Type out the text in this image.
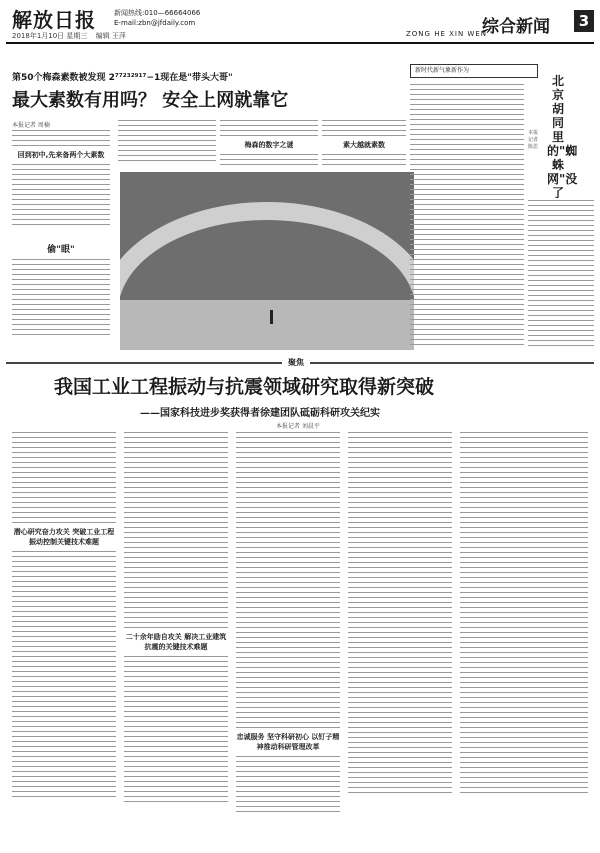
解放日报	新闻热线:010—66664066
E-mail:zbn@jfdaily.com
2018年1月10日 星期三 编辑 王萍	ZONG HE XIN WEN
综合新闻	3
第50个梅森素数被发现 2⁷⁷²³²⁹¹⁷−1现在是"带头大哥"
最大素数有用吗？ 安全上网就靠它
本报记者 周楠
回到初中,先来备两个大素数
梅森的数字之谜	素大越就素数
偷"眼"
新时代新气象新作为
北京胡同里的"蜘蛛网"没了
本报记者 陈思
聚焦
我国工业工程振动与抗震领域研究取得新突破
——国家科技进步奖获得者徐建团队砥砺科研攻关纪实
本报记者 刘晨平
潜心研究奋力攻关 突破工业工程振动控制关键技术难题
二十余年励自攻关 解决工业建筑抗震的关键技术难题
忠诚服务 坚守科研初心 以钉子精神推动科研管理改革
